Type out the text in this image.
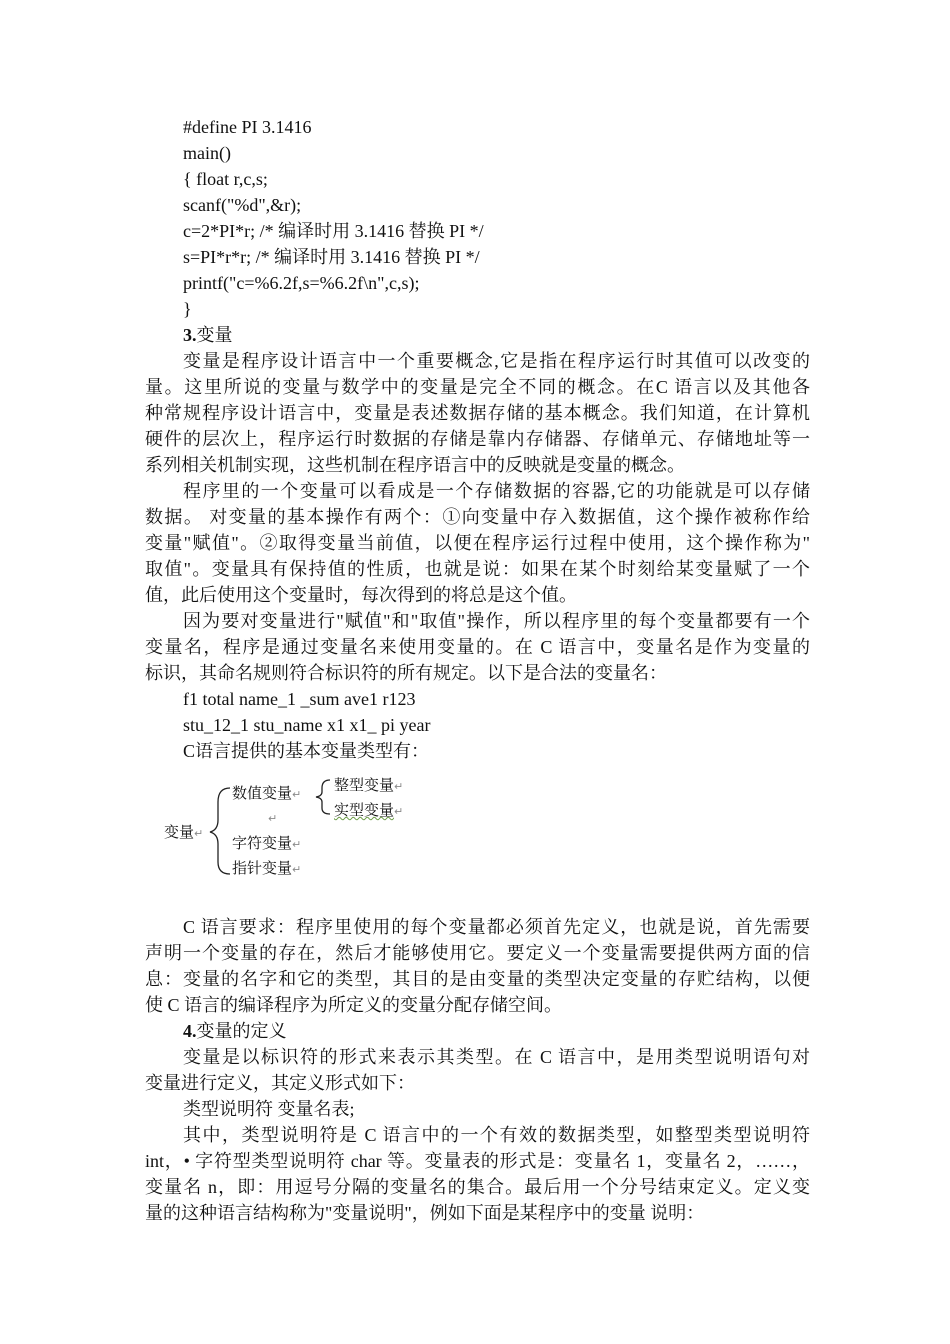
#define PI 3.1416
main()
{ float r,c,s;
scanf("%d",&r);
c=2*PI*r; /* 编译时用 3.1416 替换 PI */
s=PI*r*r; /* 编译时用 3.1416 替换 PI */
printf("c=%6.2f,s=%6.2f\n",c,s);
}
3.变量
变量是程序设计语言中一个重要概念,它是指在程序运行时其值可以改变的
量。这里所说的变量与数学中的变量是完全不同的概念。在C 语言以及其他各
种常规程序设计语言中，变量是表述数据存储的基本概念。我们知道，在计算机
硬件的层次上，程序运行时数据的存储是靠内存储器、存储单元、存储地址等一
系列相关机制实现，这些机制在程序语言中的反映就是变量的概念。
程序里的一个变量可以看成是一个存储数据的容器,它的功能就是可以存储
数据。 对变量的基本操作有两个：①向变量中存入数据值，这个操作被称作给
变量"赋值"。②取得变量当前值，以便在程序运行过程中使用，这个操作称为"
取值"。变量具有保持值的性质，也就是说：如果在某个时刻给某变量赋了一个
值，此后使用这个变量时，每次得到的将总是这个值。
因为要对变量进行"赋值"和"取值"操作，所以程序里的每个变量都要有一个
变量名，程序是通过变量名来使用变量的。在 C 语言中，变量名是作为变量的
标识，其命名规则符合标识符的所有规定。以下是合法的变量名：
f1 total name_1 _sum ave1 r123
stu_12_1 stu_name x1 x1_ pi year
C语言提供的基本变量类型有：
变量↵
数值变量↵
整型变量↵
实型变量↵
↵
字符变量↵
指针变量↵
C 语言要求：程序里使用的每个变量都必须首先定义，也就是说，首先需要
声明一个变量的存在，然后才能够使用它。要定义一个变量需要提供两方面的信
息：变量的名字和它的类型，其目的是由变量的类型决定变量的存贮结构，以便
使 C 语言的编译程序为所定义的变量分配存储空间。
4.变量的定义
变量是以标识符的形式来表示其类型。在 C 语言中，是用类型说明语句对
变量进行定义，其定义形式如下：
类型说明符 变量名表;
其中，类型说明符是 C 语言中的一个有效的数据类型，如整型类型说明符
int，• 字符型类型说明符 char 等。变量表的形式是：变量名 1，变量名 2，……，
变量名 n，即：用逗号分隔的变量名的集合。最后用一个分号结束定义。定义变
量的这种语言结构称为"变量说明"，例如下面是某程序中的变量 说明：
